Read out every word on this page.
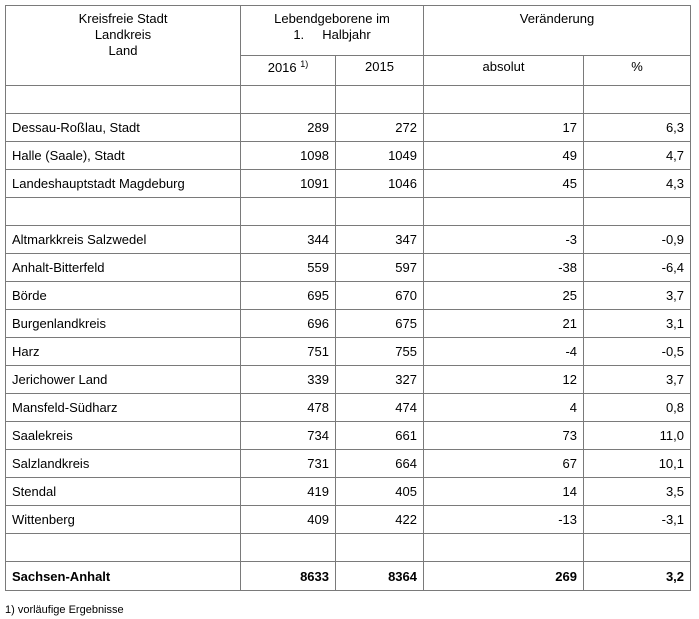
Kreisfreie Stadt
Landkreis
Land	Lebendgeborene im
1.     Halbjahr		Veränderung	
	2016 $^{1)}$	2015	absolut	%

Dessau-Roßlau, Stadt	289	272	17	6,3
Halle (Saale), Stadt	1098	1049	49	4,7
Landeshauptstadt Magdeburg	1091	1046	45	4,3

Altmarkkreis Salzwedel	344	347	-3	-0,9
Anhalt-Bitterfeld	559	597	-38	-6,4
Börde	695	670	25	3,7
Burgenlandkreis	696	675	21	3,1
Harz	751	755	-4	-0,5
Jerichower Land	339	327	12	3,7
Mansfeld-Südharz	478	474	4	0,8
Saalekreis	734	661	73	11,0
Salzlandkreis	731	664	67	10,1
Stendal	419	405	14	3,5
Wittenberg	409	422	-13	-3,1

Sachsen-Anhalt	8633	8364	269	3,2
1) vorläufige Ergebnisse
